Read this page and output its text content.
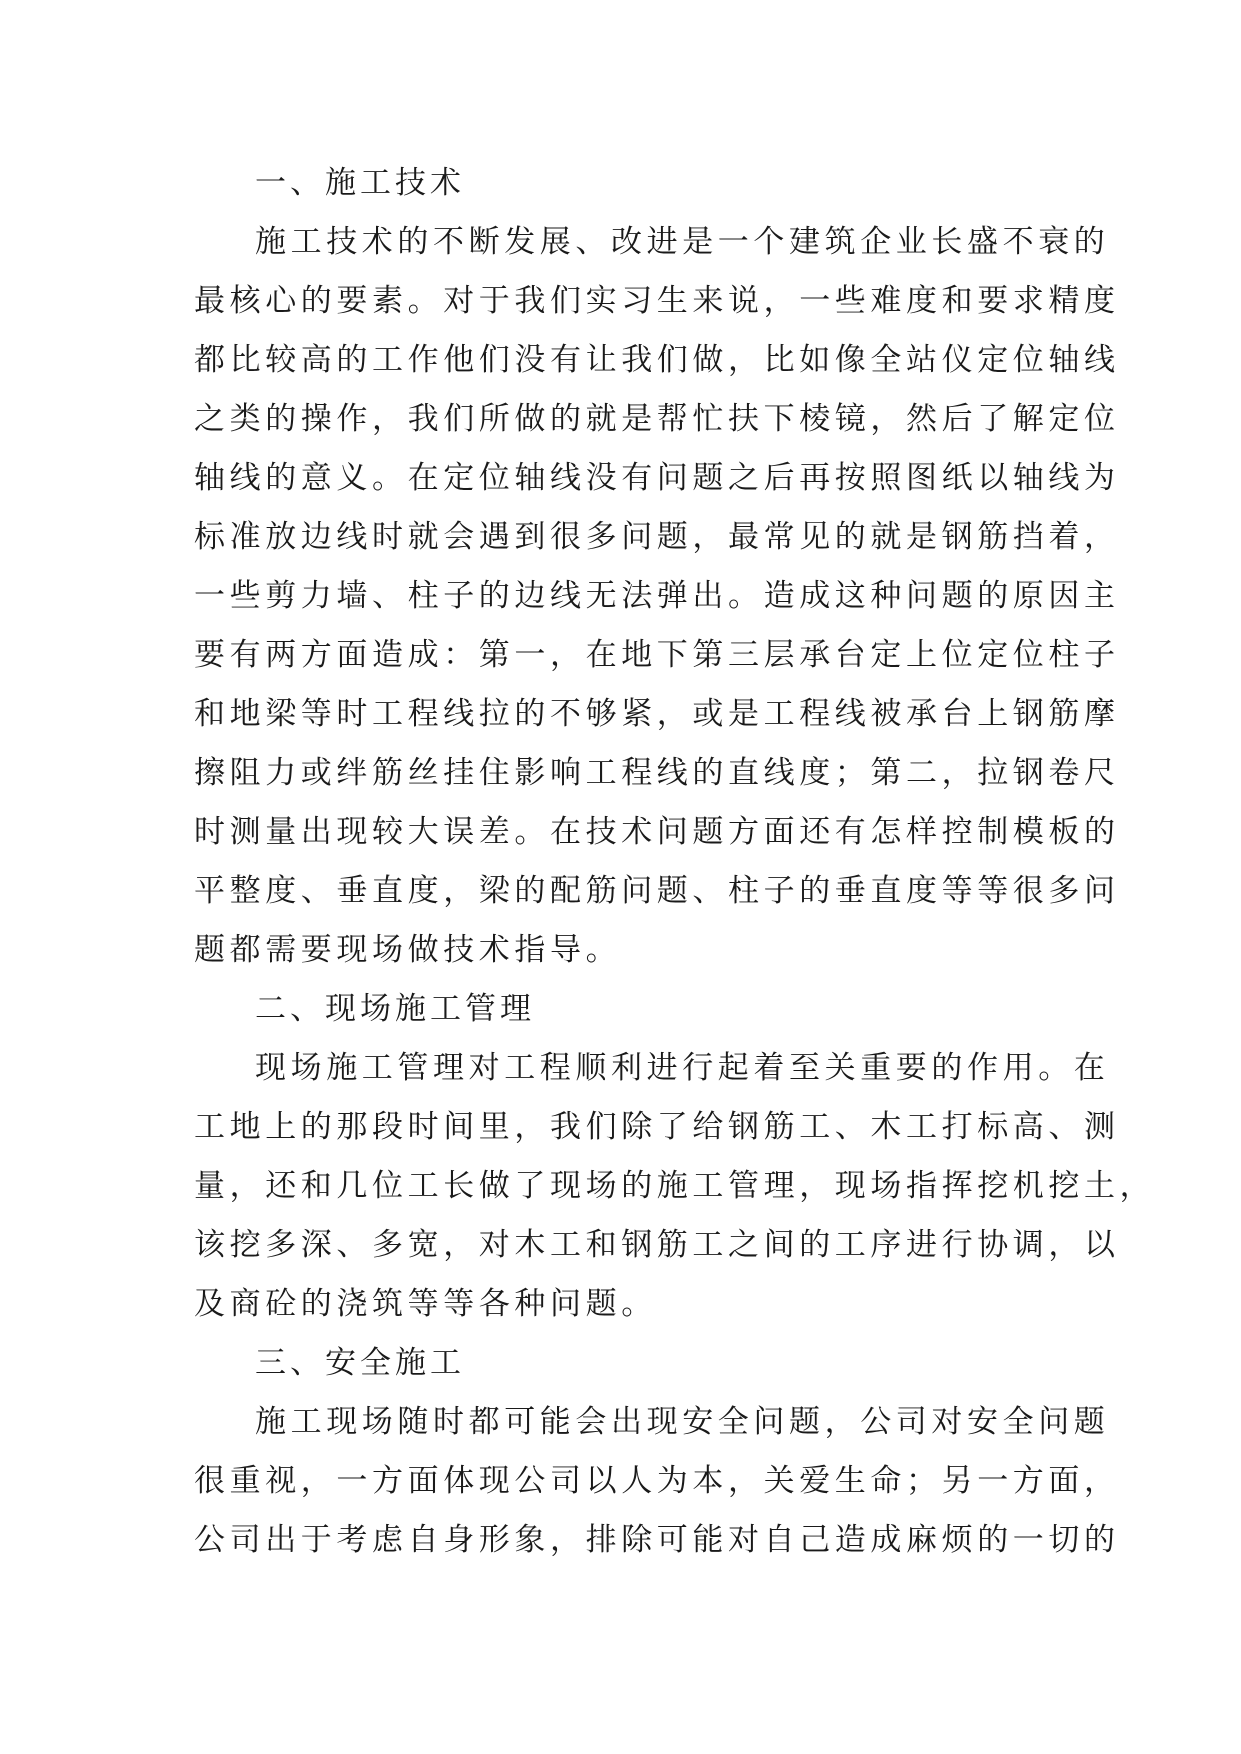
一、施工技术
施工技术的不断发展、改进是一个建筑企业长盛不衰的
最核心的要素。对于我们实习生来说，一些难度和要求精度
都比较高的工作他们没有让我们做，比如像全站仪定位轴线
之类的操作，我们所做的就是帮忙扶下棱镜，然后了解定位
轴线的意义。在定位轴线没有问题之后再按照图纸以轴线为
标准放边线时就会遇到很多问题，最常见的就是钢筋挡着，
一些剪力墙、柱子的边线无法弹出。造成这种问题的原因主
要有两方面造成：第一，在地下第三层承台定上位定位柱子
和地梁等时工程线拉的不够紧，或是工程线被承台上钢筋摩
擦阻力或绊筋丝挂住影响工程线的直线度；第二，拉钢卷尺
时测量出现较大误差。在技术问题方面还有怎样控制模板的
平整度、垂直度，梁的配筋问题、柱子的垂直度等等很多问
题都需要现场做技术指导。
二、现场施工管理
现场施工管理对工程顺利进行起着至关重要的作用。在
工地上的那段时间里，我们除了给钢筋工、木工打标高、测
量，还和几位工长做了现场的施工管理，现场指挥挖机挖土，
该挖多深、多宽，对木工和钢筋工之间的工序进行协调，以
及商砼的浇筑等等各种问题。
三、安全施工
施工现场随时都可能会出现安全问题，公司对安全问题
很重视，一方面体现公司以人为本，关爱生命；另一方面，
公司出于考虑自身形象，排除可能对自己造成麻烦的一切的
